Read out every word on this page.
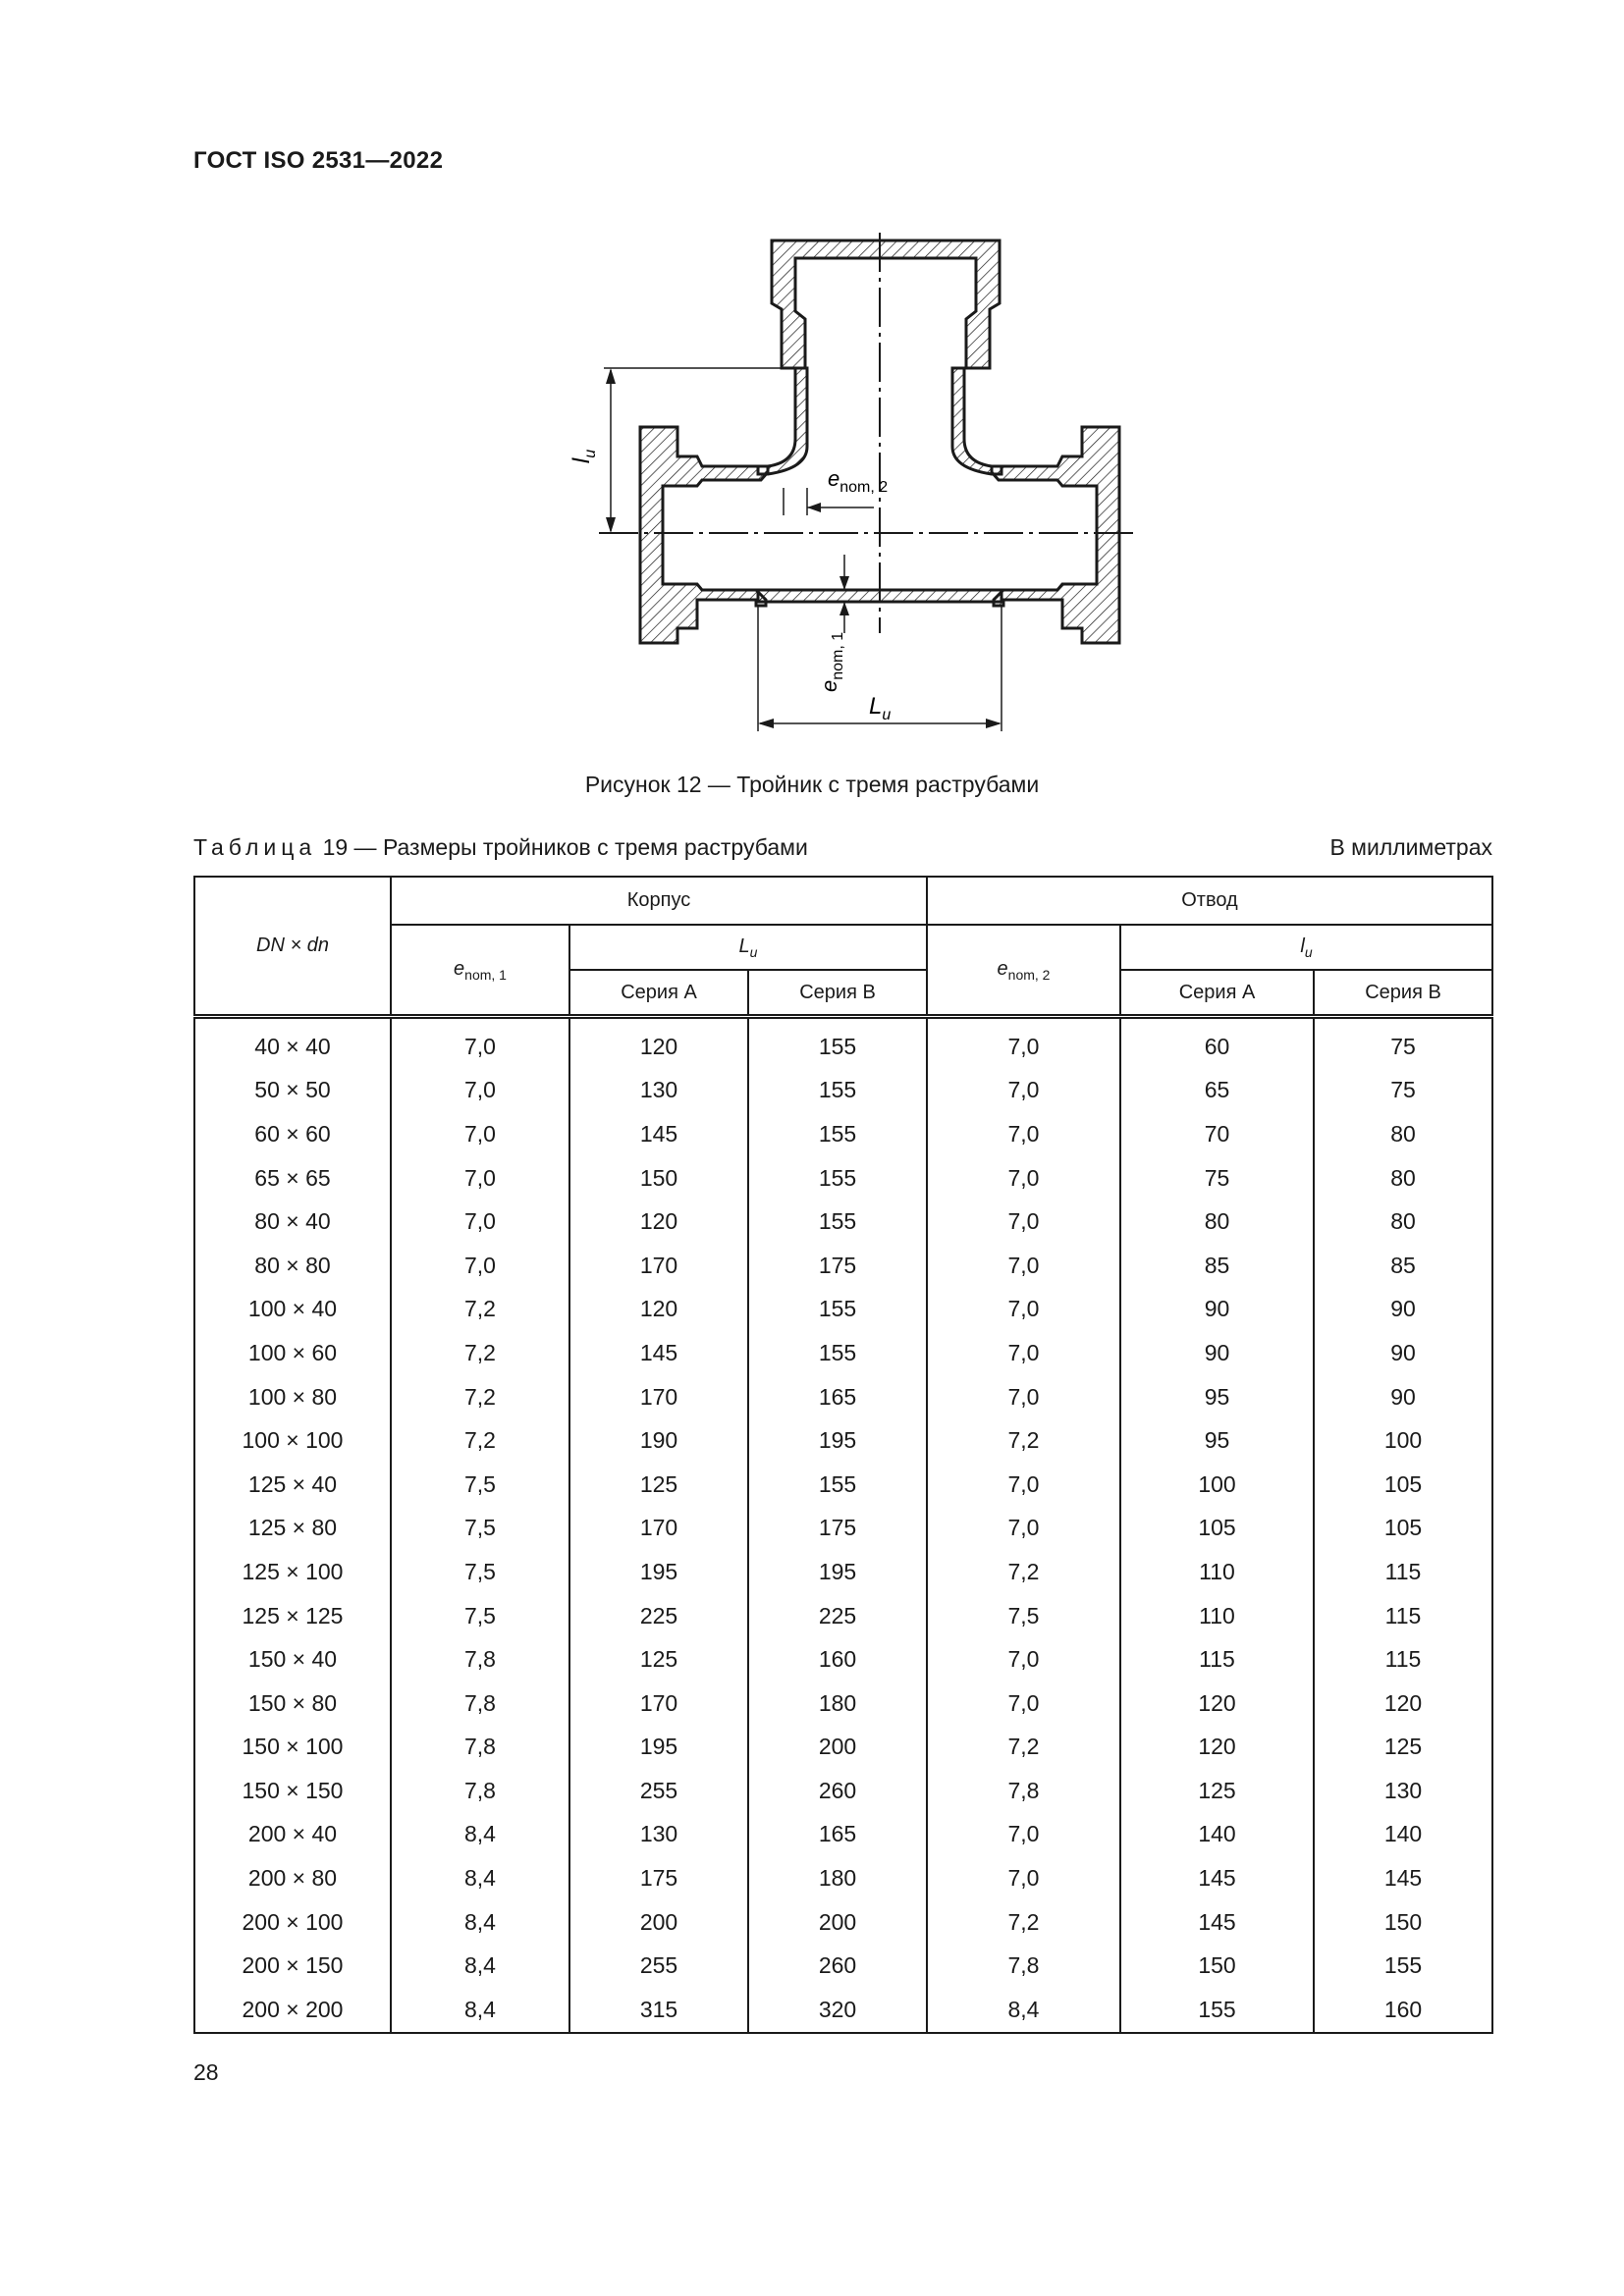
ГОСТ ISO 2531—2022
$l_u$
$e_{nom, 2}$
$e_{nom, 1}$
$L_u$
Рисунок 12 — Тройник с тремя раструбами
Таблица 19 — Размеры тройников с тремя раструбами	В миллиметрах
DN × dn	Корпус			Отвод		
	$e_{nom, 1}$	$L_u$		$e_{nom, 2}$	$l_u$
		Серия A	Серия B		Серия A	Серия B
40 × 40	7,0	120	155	7,0	60	75
50 × 50	7,0	130	155	7,0	65	75
60 × 60	7,0	145	155	7,0	70	80
65 × 65	7,0	150	155	7,0	75	80
80 × 40	7,0	120	155	7,0	80	80
80 × 80	7,0	170	175	7,0	85	85
100 × 40	7,2	120	155	7,0	90	90
100 × 60	7,2	145	155	7,0	90	90
100 × 80	7,2	170	165	7,0	95	90
100 × 100	7,2	190	195	7,2	95	100
125 × 40	7,5	125	155	7,0	100	105
125 × 80	7,5	170	175	7,0	105	105
125 × 100	7,5	195	195	7,2	110	115
125 × 125	7,5	225	225	7,5	110	115
150 × 40	7,8	125	160	7,0	115	115
150 × 80	7,8	170	180	7,0	120	120
150 × 100	7,8	195	200	7,2	120	125
150 × 150	7,8	255	260	7,8	125	130
200 × 40	8,4	130	165	7,0	140	140
200 × 80	8,4	175	180	7,0	145	145
200 × 100	8,4	200	200	7,2	145	150
200 × 150	8,4	255	260	7,8	150	155
200 × 200	8,4	315	320	8,4	155	160
28
